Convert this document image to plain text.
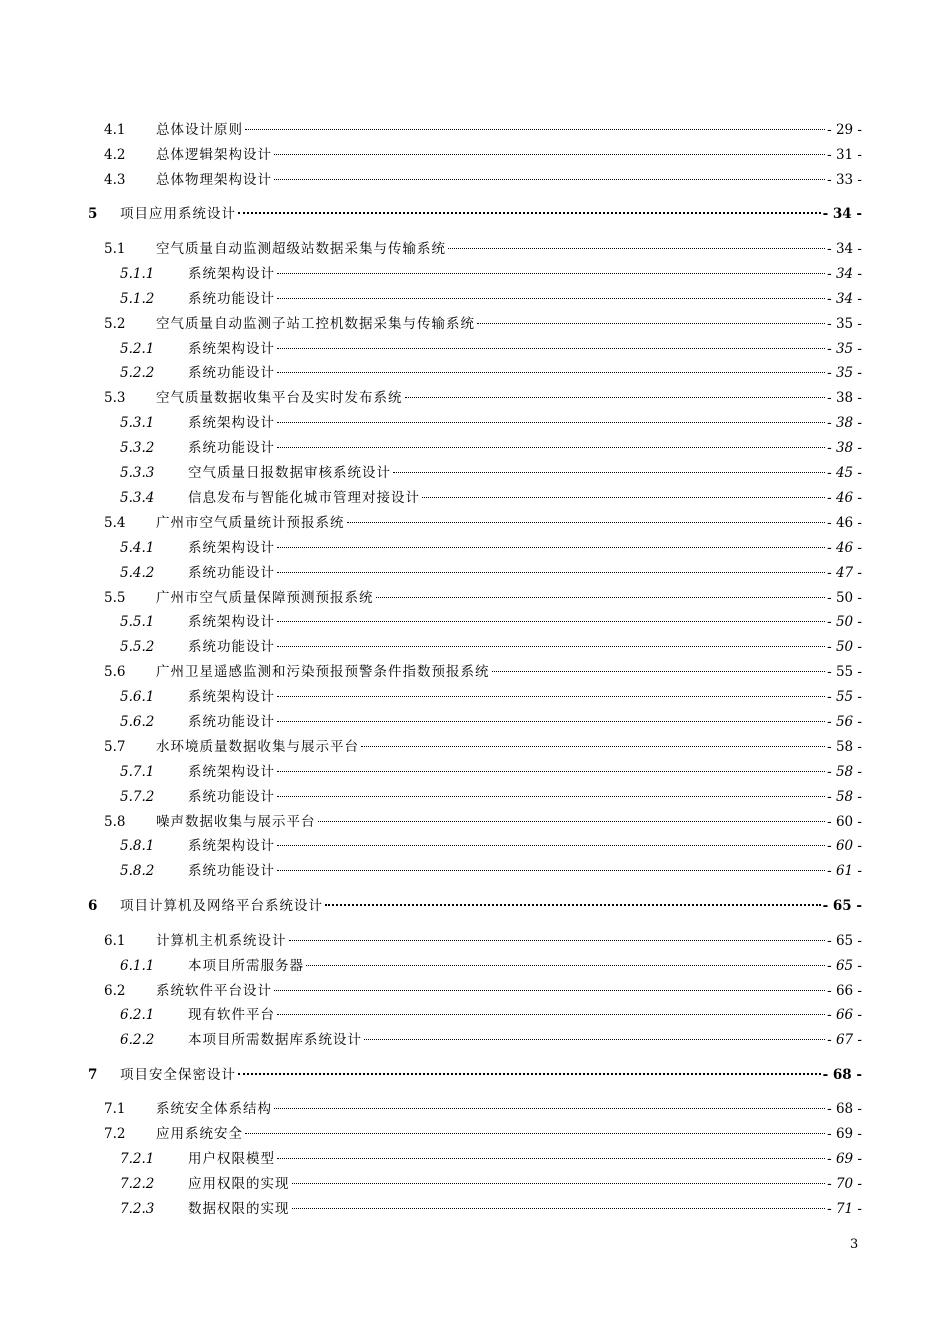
4.1	总体设计原则	- 29 -
4.2	总体逻辑架构设计	- 31 -
4.3	总体物理架构设计	- 33 -
5	项目应用系统设计	- 34 -
5.1	空气质量自动监测超级站数据采集与传输系统	- 34 -
5.1.1	系统架构设计	- 34 -
5.1.2	系统功能设计	- 34 -
5.2	空气质量自动监测子站工控机数据采集与传输系统	- 35 -
5.2.1	系统架构设计	- 35 -
5.2.2	系统功能设计	- 35 -
5.3	空气质量数据收集平台及实时发布系统	- 38 -
5.3.1	系统架构设计	- 38 -
5.3.2	系统功能设计	- 38 -
5.3.3	空气质量日报数据审核系统设计	- 45 -
5.3.4	信息发布与智能化城市管理对接设计	- 46 -
5.4	广州市空气质量统计预报系统	- 46 -
5.4.1	系统架构设计	- 46 -
5.4.2	系统功能设计	- 47 -
5.5	广州市空气质量保障预测预报系统	- 50 -
5.5.1	系统架构设计	- 50 -
5.5.2	系统功能设计	- 50 -
5.6	广州卫星遥感监测和污染预报预警条件指数预报系统	- 55 -
5.6.1	系统架构设计	- 55 -
5.6.2	系统功能设计	- 56 -
5.7	水环境质量数据收集与展示平台	- 58 -
5.7.1	系统架构设计	- 58 -
5.7.2	系统功能设计	- 58 -
5.8	噪声数据收集与展示平台	- 60 -
5.8.1	系统架构设计	- 60 -
5.8.2	系统功能设计	- 61 -
6	项目计算机及网络平台系统设计	- 65 -
6.1	计算机主机系统设计	- 65 -
6.1.1	本项目所需服务器	- 65 -
6.2	系统软件平台设计	- 66 -
6.2.1	现有软件平台	- 66 -
6.2.2	本项目所需数据库系统设计	- 67 -
7	项目安全保密设计	- 68 -
7.1	系统安全体系结构	- 68 -
7.2	应用系统安全	- 69 -
7.2.1	用户权限模型	- 69 -
7.2.2	应用权限的实现	- 70 -
7.2.3	数据权限的实现	- 71 -
3
